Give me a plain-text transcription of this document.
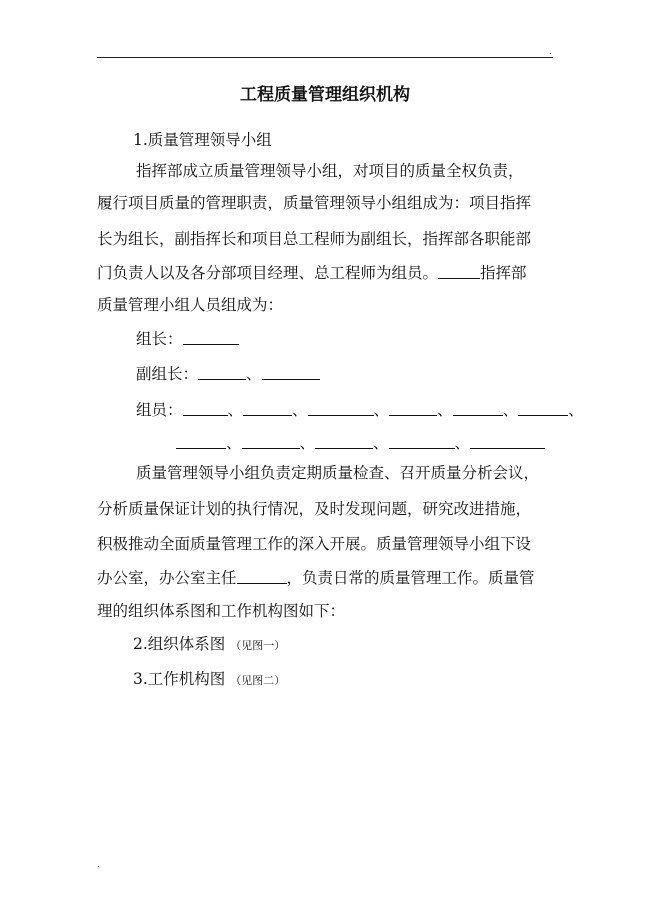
.
工程质量管理组织机构
1.质量管理领导小组
指挥部成立质量管理领导小组，对项目的质量全权负责，
履行项目质量的管理职责，质量管理领导小组组成为：项目指挥
长为组长，副指挥长和项目总工程师为副组长，指挥部各职能部
门负责人以及各分部项目经理、总工程师为组员。	指挥部
质量管理小组人员组成为：
组长：
副组长：	、
组员：	、	、	、	、	、	、
、	、	、	、
质量管理领导小组负责定期质量检查、召开质量分析会议，
分析质量保证计划的执行情况，及时发现问题，研究改进措施，
积极推动全面质量管理工作的深入开展。质量管理领导小组下设
办公室，办公室主任	，负责日常的质量管理工作。质量管
理的组织体系图和工作机构图如下：
2.组织体系图 （见图一）
3.工作机构图 （见图二）
.
